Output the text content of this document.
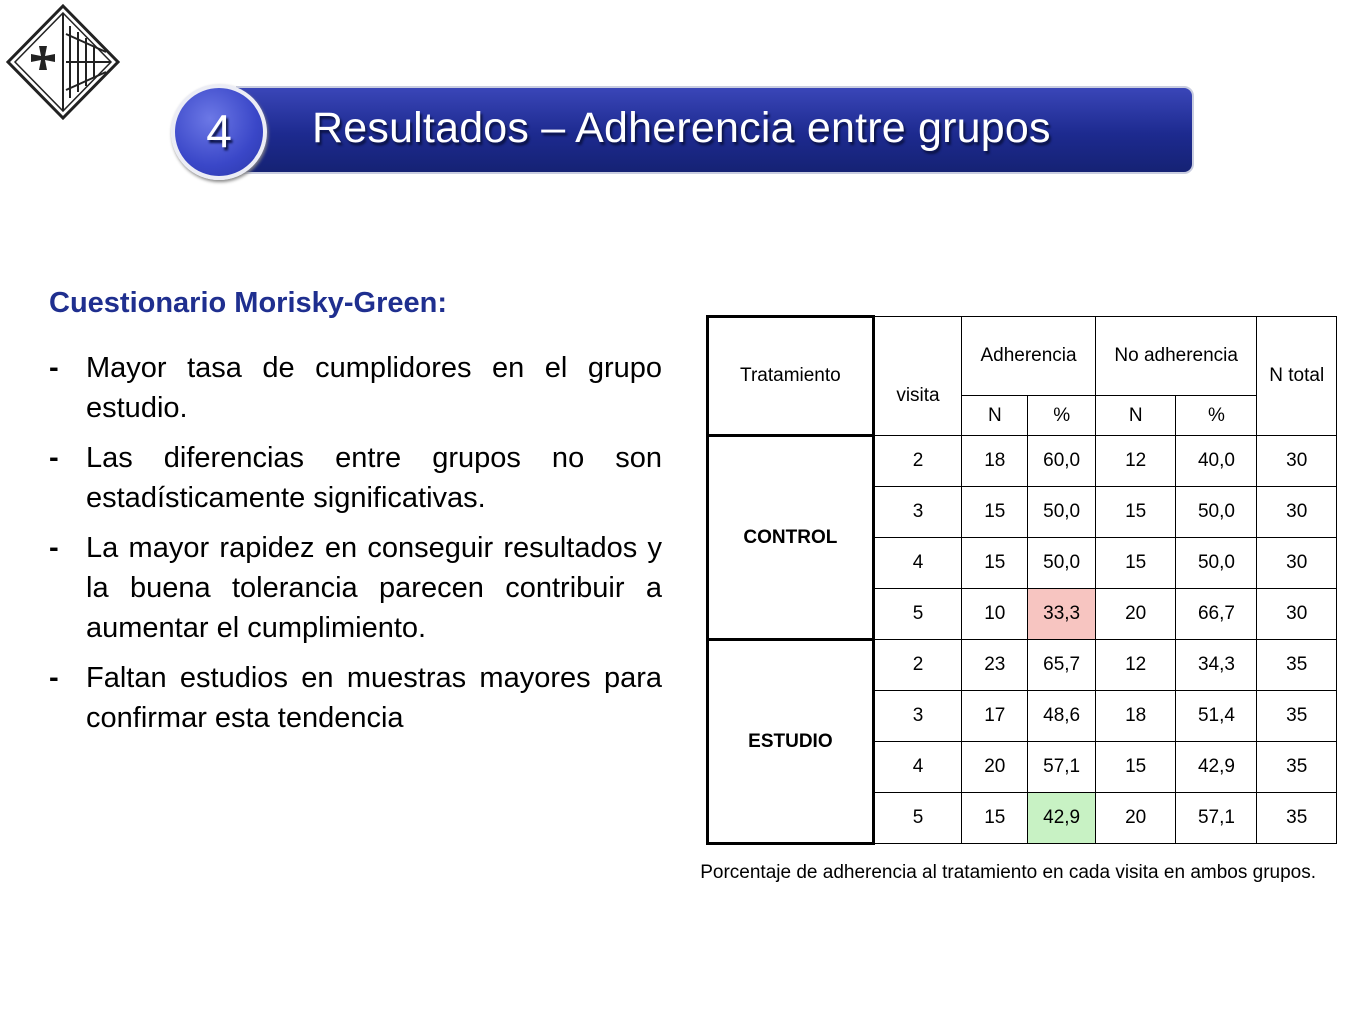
Resultados – Adherencia entre grupos
4
Cuestionario Morisky-Green:
- Mayor tasa de cumplidores en el grupo estudio.
- Las diferencias entre grupos no son estadísticamente significativas.
- La mayor rapidez en conseguir resultados y la buena tolerancia parecen contribuir a aumentar el cumplimiento.
- Faltan estudios en muestras mayores para confirmar esta tendencia
Tratamiento	visita	Adherencia		No adherencia		N total
		N	%	N	%	
CONTROL	2	18	60,0	12	40,0	30
	3	15	50,0	15	50,0	30
	4	15	50,0	15	50,0	30
	5	10	33,3	20	66,7	30
ESTUDIO	2	23	65,7	12	34,3	35
	3	17	48,6	18	51,4	35
	4	20	57,1	15	42,9	35
	5	15	42,9	20	57,1	35
Porcentaje de adherencia al tratamiento en cada visita en ambos grupos.
